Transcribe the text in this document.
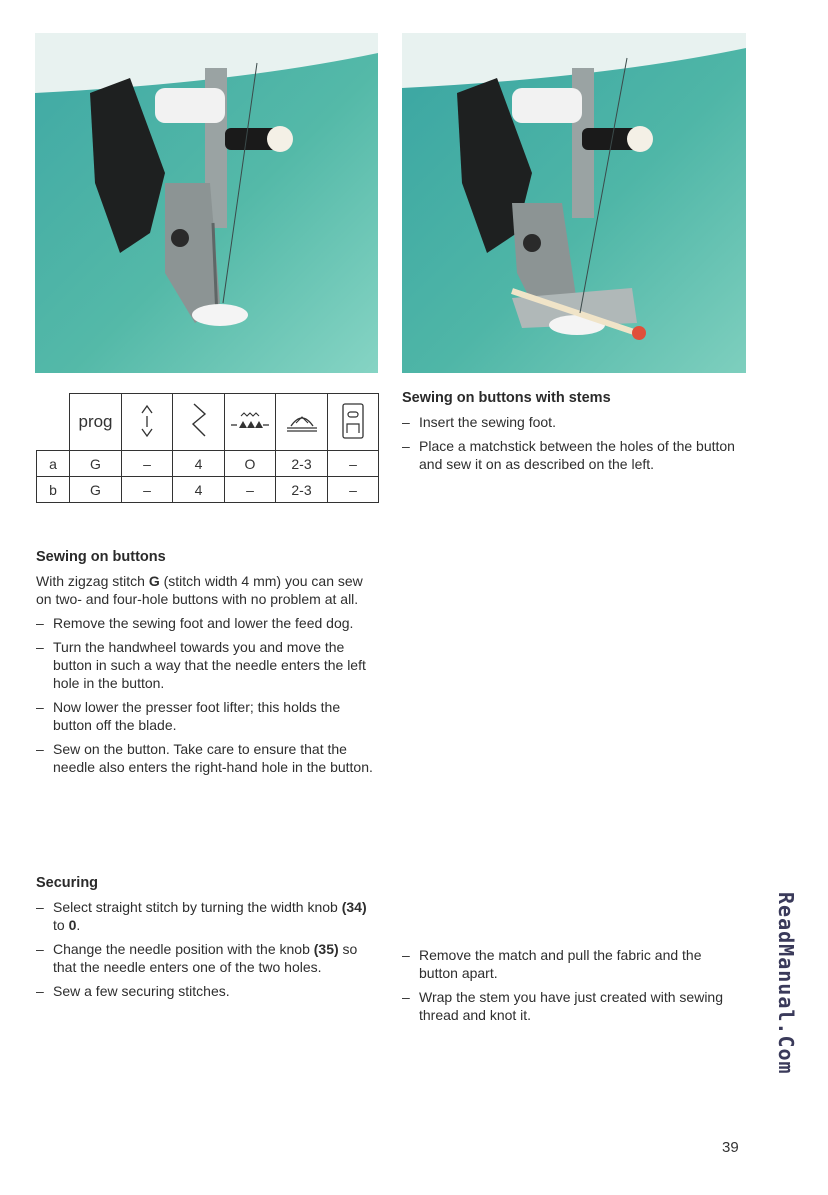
	prog					
a	G	–	4	O	2-3	–
b	G	–	4	–	2-3	–
Sewing on buttons

With zigzag stitch G (stitch width 4 mm) you can sew on two- and four-hole buttons with no problem at all.

– Remove the sewing foot and lower the feed dog.
– Turn the handwheel towards you and move the button in such a way that the needle enters the left hole in the button.
– Now lower the presser foot lifter; this holds the button off the blade.
– Sew on the button. Take care to ensure that the needle also enters the right-hand hole in the button.
Securing
– Select straight stitch by turning the width knob (34) to 0.
– Change the needle position with the knob (35) so that the needle enters one of the two holes.
– Sew a few securing stitches.
Sewing on buttons with stems
– Insert the sewing foot.
– Place a matchstick between the holes of the button and sew it on as described on the left.
– Remove the match and pull the fabric and the button apart.
– Wrap the stem you have just created with sewing thread and knot it.	ReadManual.Com
39
